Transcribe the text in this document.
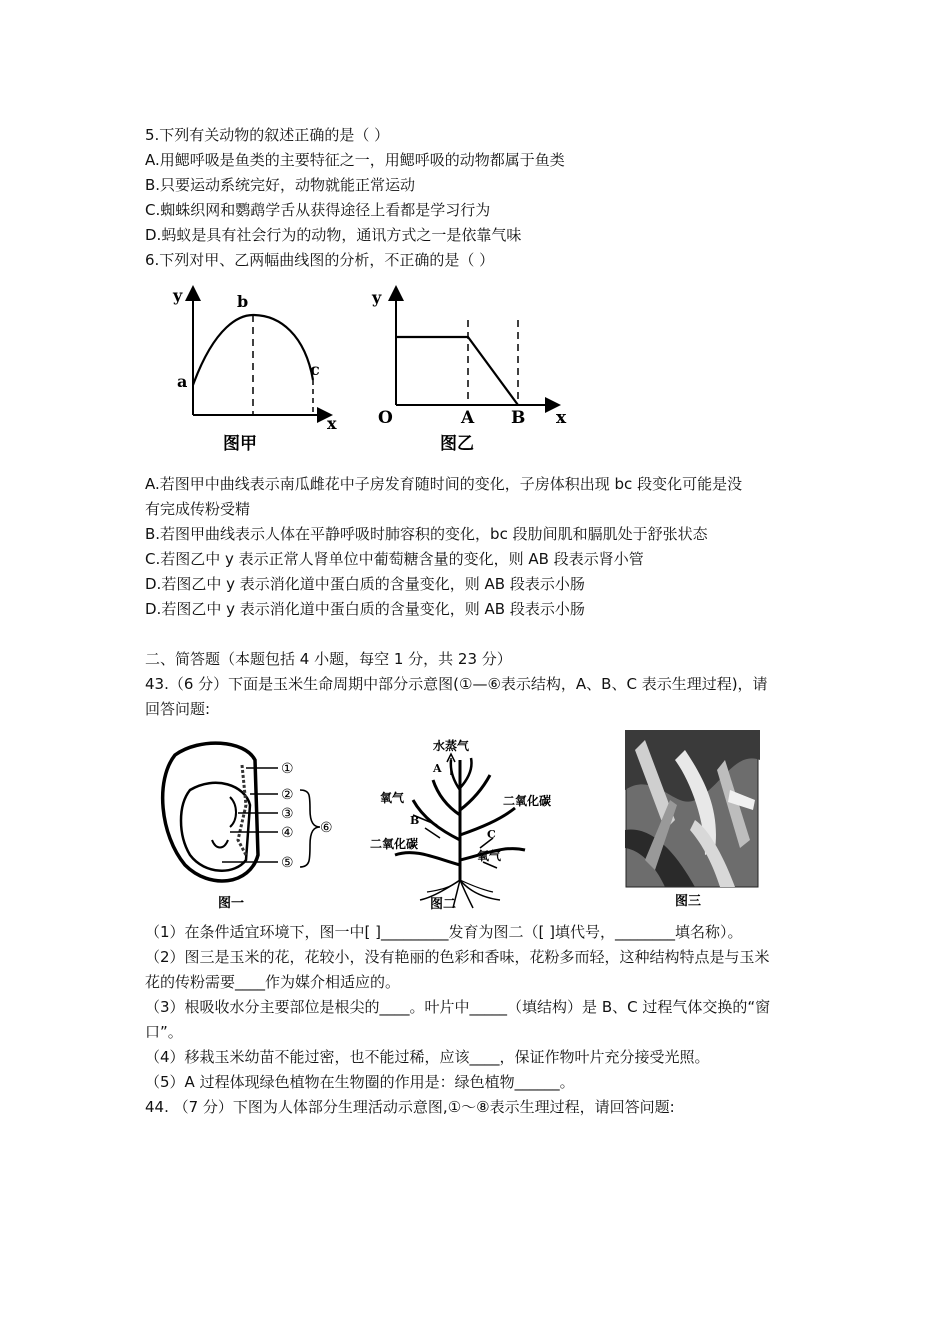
5.下列有关动物的叙述正确的是（ ）
A.用鳃呼吸是鱼类的主要特征之一，用鳃呼吸的动物都属于鱼类
B.只要运动系统完好，动物就能正常运动
C.蜘蛛织网和鹦鹉学舌从获得途径上看都是学习行为
D.蚂蚁是具有社会行为的动物，通讯方式之一是依靠气味
6.下列对甲、乙两幅曲线图的分析，不正确的是（ ）
y	b
a
c
x
图甲
y
O	A B x
图乙
A.若图甲中曲线表示南瓜雌花中子房发育随时间的变化，子房体积出现 bc 段变化可能是没
有完成传粉受精
B.若图甲曲线表示人体在平静呼吸时肺容积的变化，bc 段肋间肌和膈肌处于舒张状态
C.若图乙中 y 表示正常人肾单位中葡萄糖含量的变化，则 AB 段表示肾小管
D.若图乙中 y 表示消化道中蛋白质的含量变化，则 AB 段表示小肠
D.若图乙中 y 表示消化道中蛋白质的含量变化，则 AB 段表示小肠
二、简答题（本题包括 4 小题，每空 1 分，共 23 分）
43.（6 分）下面是玉米生命周期中部分示意图(①—⑥表示结构，A、B、C 表示生理过程)，请
回答问题:
①
②
③
④
⑤
⑥
图一
水蒸气
A
氧气	二氧化碳
B
C
二氧化碳
氧气
图二	图三
（1）在条件适宜环境下，图一中[ ]_________发育为图二（[ ]填代号，________填名称）。
（2）图三是玉米的花，花较小，没有艳丽的色彩和香味，花粉多而轻，这种结构特点是与玉米
花的传粉需要____作为媒介相适应的。
（3）根吸收水分主要部位是根尖的____。叶片中_____（填结构）是 B、C 过程气体交换的“窗
口”。
（4）移栽玉米幼苗不能过密，也不能过稀，应该____，保证作物叶片充分接受光照。
（5）A 过程体现绿色植物在生物圈的作用是：绿色植物______。
44. （7 分）下图为人体部分生理活动示意图,①～⑧表示生理过程，请回答问题:
